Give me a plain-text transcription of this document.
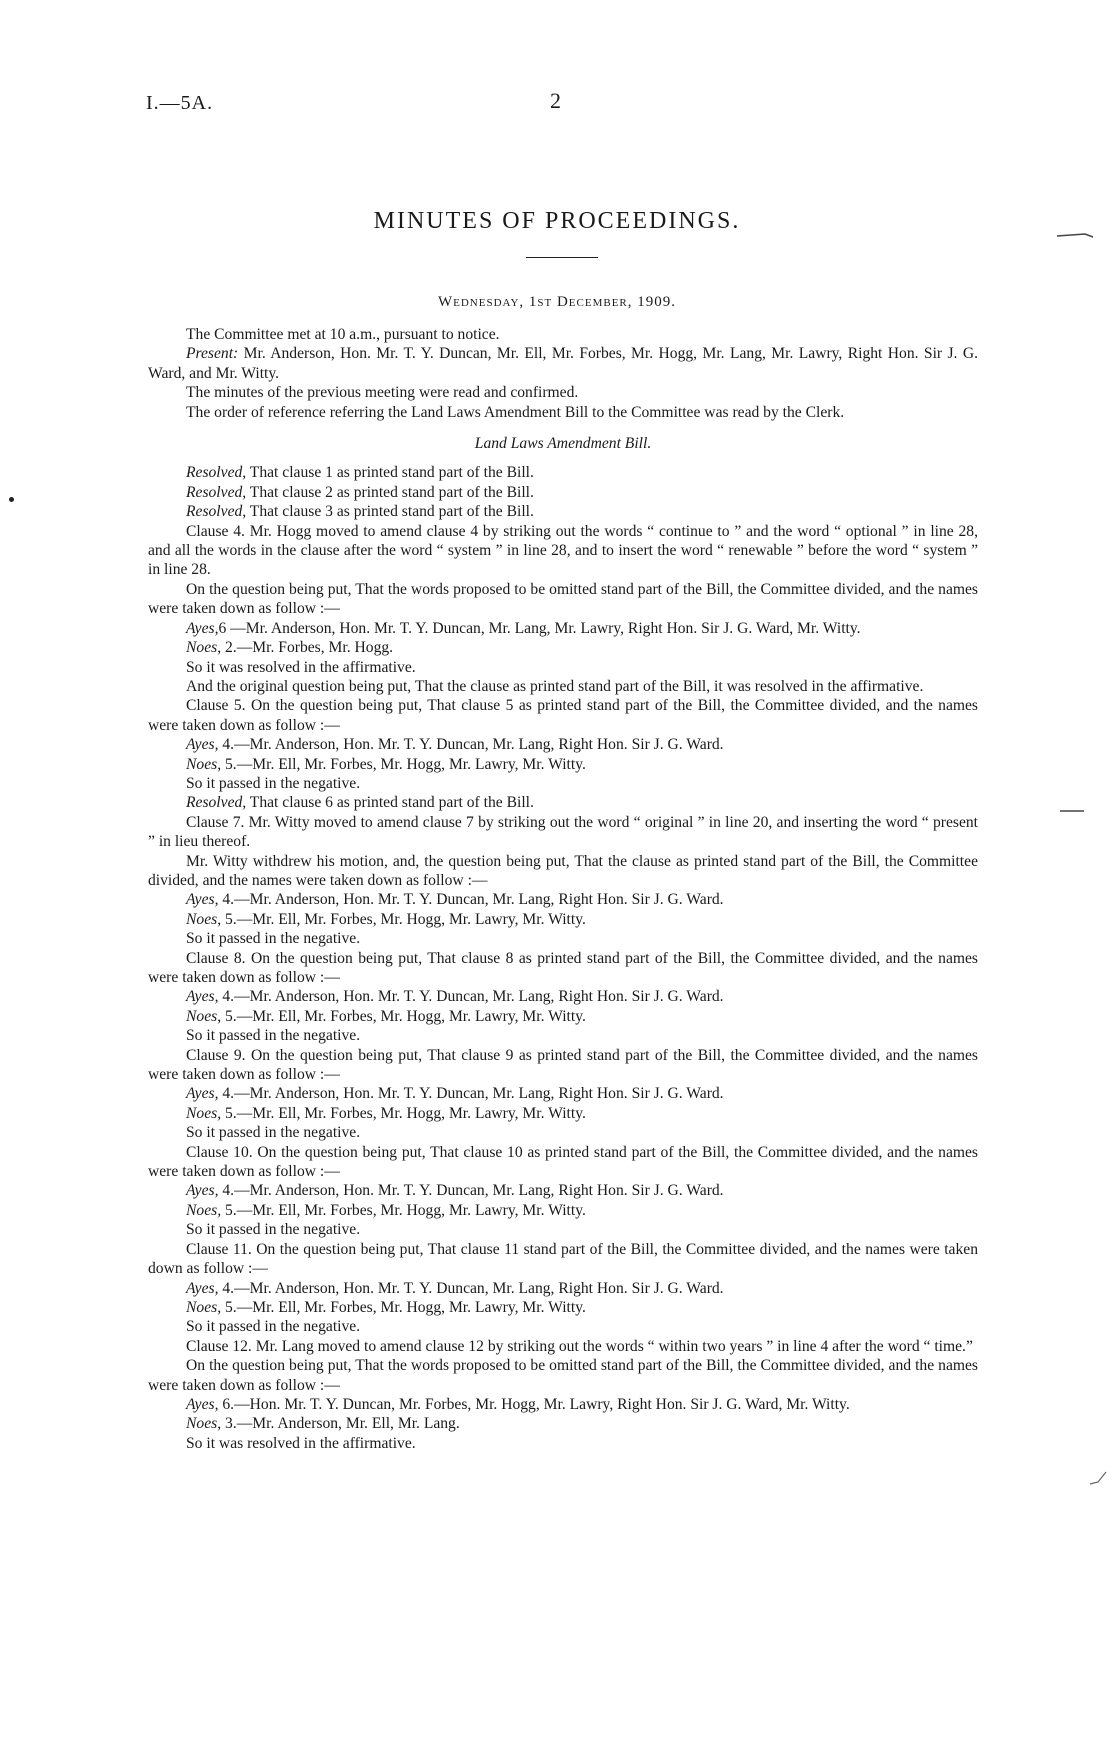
I.—5A.	2
MINUTES OF PROCEEDINGS.
Wednesday, 1st December, 1909.

The Committee met at 10 a.m., pursuant to notice.

Present: Mr. Anderson, Hon. Mr. T. Y. Duncan, Mr. Ell, Mr. Forbes, Mr. Hogg, Mr. Lang, Mr. Lawry, Right Hon. Sir J. G. Ward, and Mr. Witty.

The minutes of the previous meeting were read and confirmed.

The order of reference referring the Land Laws Amendment Bill to the Committee was read by the Clerk.

Land Laws Amendment Bill.

Resolved, That clause 1 as printed stand part of the Bill.

Resolved, That clause 2 as printed stand part of the Bill.

Resolved, That clause 3 as printed stand part of the Bill.

Clause 4. Mr. Hogg moved to amend clause 4 by striking out the words “ continue to ” and the word “ optional ” in line 28, and all the words in the clause after the word “ system ” in line 28, and to insert the word “ renewable ” before the word “ system ” in line 28.

On the question being put, That the words proposed to be omitted stand part of the Bill, the Committee divided, and the names were taken down as follow :—

Ayes,6 —Mr. Anderson, Hon. Mr. T. Y. Duncan, Mr. Lang, Mr. Lawry, Right Hon. Sir J. G. Ward, Mr. Witty.

Noes, 2.—Mr. Forbes, Mr. Hogg.

So it was resolved in the affirmative.

And the original question being put, That the clause as printed stand part of the Bill, it was resolved in the affirmative.

Clause 5. On the question being put, That clause 5 as printed stand part of the Bill, the Committee divided, and the names were taken down as follow :—

Ayes, 4.—Mr. Anderson, Hon. Mr. T. Y. Duncan, Mr. Lang, Right Hon. Sir J. G. Ward.

Noes, 5.—Mr. Ell, Mr. Forbes, Mr. Hogg, Mr. Lawry, Mr. Witty.

So it passed in the negative.

Resolved, That clause 6 as printed stand part of the Bill.

Clause 7. Mr. Witty moved to amend clause 7 by striking out the word “ original ” in line 20, and inserting the word “ present ” in lieu thereof.

Mr. Witty withdrew his motion, and, the question being put, That the clause as printed stand part of the Bill, the Committee divided, and the names were taken down as follow :—

Ayes, 4.—Mr. Anderson, Hon. Mr. T. Y. Duncan, Mr. Lang, Right Hon. Sir J. G. Ward.

Noes, 5.—Mr. Ell, Mr. Forbes, Mr. Hogg, Mr. Lawry, Mr. Witty.

So it passed in the negative.

Clause 8. On the question being put, That clause 8 as printed stand part of the Bill, the Committee divided, and the names were taken down as follow :—

Ayes, 4.—Mr. Anderson, Hon. Mr. T. Y. Duncan, Mr. Lang, Right Hon. Sir J. G. Ward.

Noes, 5.—Mr. Ell, Mr. Forbes, Mr. Hogg, Mr. Lawry, Mr. Witty.

So it passed in the negative.

Clause 9. On the question being put, That clause 9 as printed stand part of the Bill, the Committee divided, and the names were taken down as follow :—

Ayes, 4.—Mr. Anderson, Hon. Mr. T. Y. Duncan, Mr. Lang, Right Hon. Sir J. G. Ward.

Noes, 5.—Mr. Ell, Mr. Forbes, Mr. Hogg, Mr. Lawry, Mr. Witty.

So it passed in the negative.

Clause 10. On the question being put, That clause 10 as printed stand part of the Bill, the Committee divided, and the names were taken down as follow :—

Ayes, 4.—Mr. Anderson, Hon. Mr. T. Y. Duncan, Mr. Lang, Right Hon. Sir J. G. Ward.

Noes, 5.—Mr. Ell, Mr. Forbes, Mr. Hogg, Mr. Lawry, Mr. Witty.

So it passed in the negative.

Clause 11. On the question being put, That clause 11 stand part of the Bill, the Committee divided, and the names were taken down as follow :—

Ayes, 4.—Mr. Anderson, Hon. Mr. T. Y. Duncan, Mr. Lang, Right Hon. Sir J. G. Ward.

Noes, 5.—Mr. Ell, Mr. Forbes, Mr. Hogg, Mr. Lawry, Mr. Witty.

So it passed in the negative.

Clause 12. Mr. Lang moved to amend clause 12 by striking out the words “ within two years ” in line 4 after the word “ time.”

On the question being put, That the words proposed to be omitted stand part of the Bill, the Committee divided, and the names were taken down as follow :—

Ayes, 6.—Hon. Mr. T. Y. Duncan, Mr. Forbes, Mr. Hogg, Mr. Lawry, Right Hon. Sir J. G. Ward, Mr. Witty.

Noes, 3.—Mr. Anderson, Mr. Ell, Mr. Lang.

So it was resolved in the affirmative.
